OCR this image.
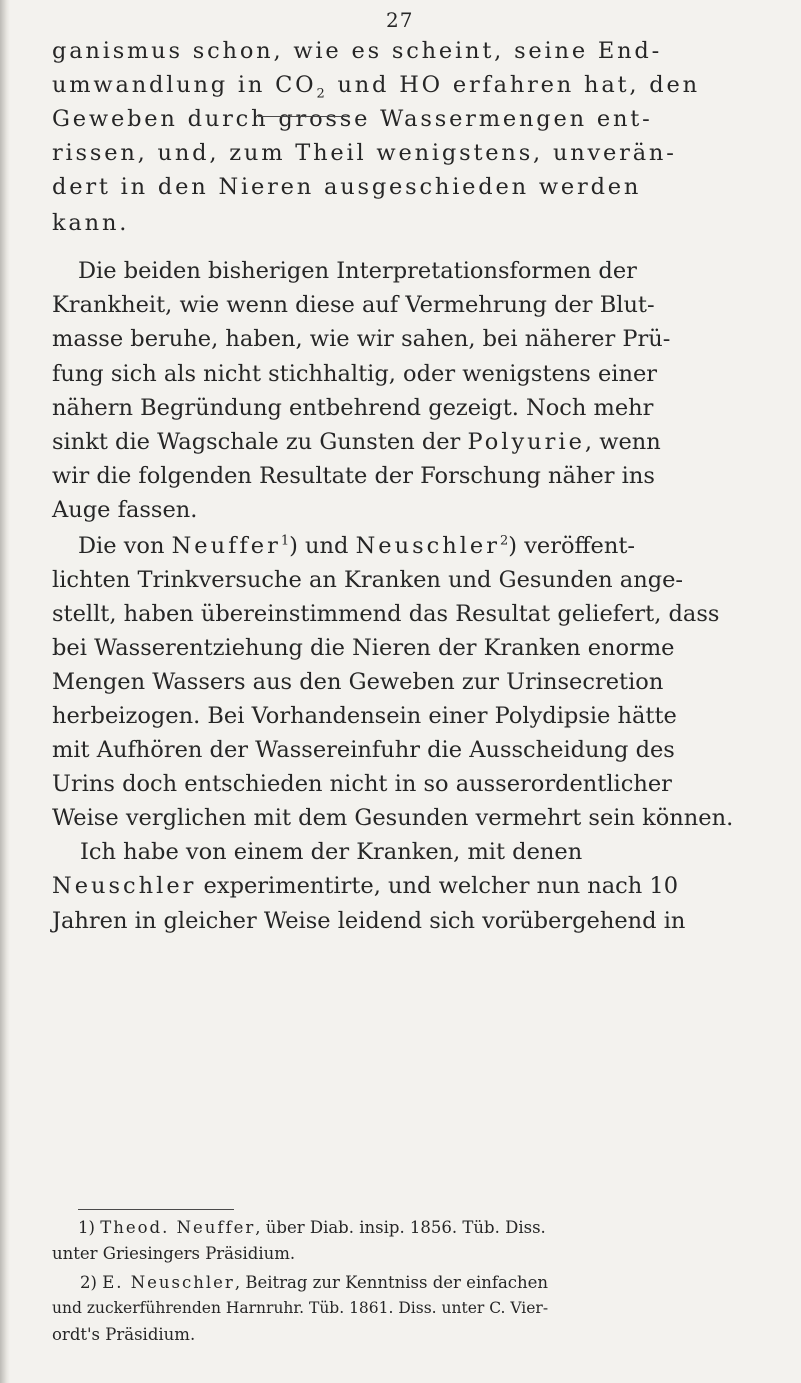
27
ganismus schon, wie es scheint, seine End-
umwandlung in $CO_2$ und HO erfahren hat, den
Geweben durch grosse Wassermengen ent-
rissen, und, zum Theil wenigstens, unverän-
dert in den Nieren ausgeschieden werden
kann.
Die beiden bisherigen Interpretationsformen der
Krankheit, wie wenn diese auf Vermehrung der Blut-
masse beruhe, haben, wie wir sahen, bei näherer Prü-
fung sich als nicht stichhaltig, oder wenigstens einer
nähern Begründung entbehrend gezeigt. Noch mehr
sinkt die Wagschale zu Gunsten der Polyurie, wenn
wir die folgenden Resultate der Forschung näher ins
Auge fassen.
Die von Neuffer$^1$) und Neuschler$^2$) veröffent-
lichten Trinkversuche an Kranken und Gesunden ange-
stellt, haben übereinstimmend das Resultat geliefert, dass
bei Wasserentziehung die Nieren der Kranken enorme
Mengen Wassers aus den Geweben zur Urinsecretion
herbeizogen. Bei Vorhandensein einer Polydipsie hätte
mit Aufhören der Wassereinfuhr die Ausscheidung des
Urins doch entschieden nicht in so ausserordentlicher
Weise verglichen mit dem Gesunden vermehrt sein können.
Ich habe von einem der Kranken, mit denen
Neuschler experimentirte, und welcher nun nach 10
Jahren in gleicher Weise leidend sich vorübergehend in
1) Theod. Neuffer, über Diab. insip. 1856. Tüb. Diss.
unter Griesingers Präsidium.
2) E. Neuschler, Beitrag zur Kenntniss der einfachen
und zuckerführenden Harnruhr. Tüb. 1861. Diss. unter C. Vier-
ordt's Präsidium.
